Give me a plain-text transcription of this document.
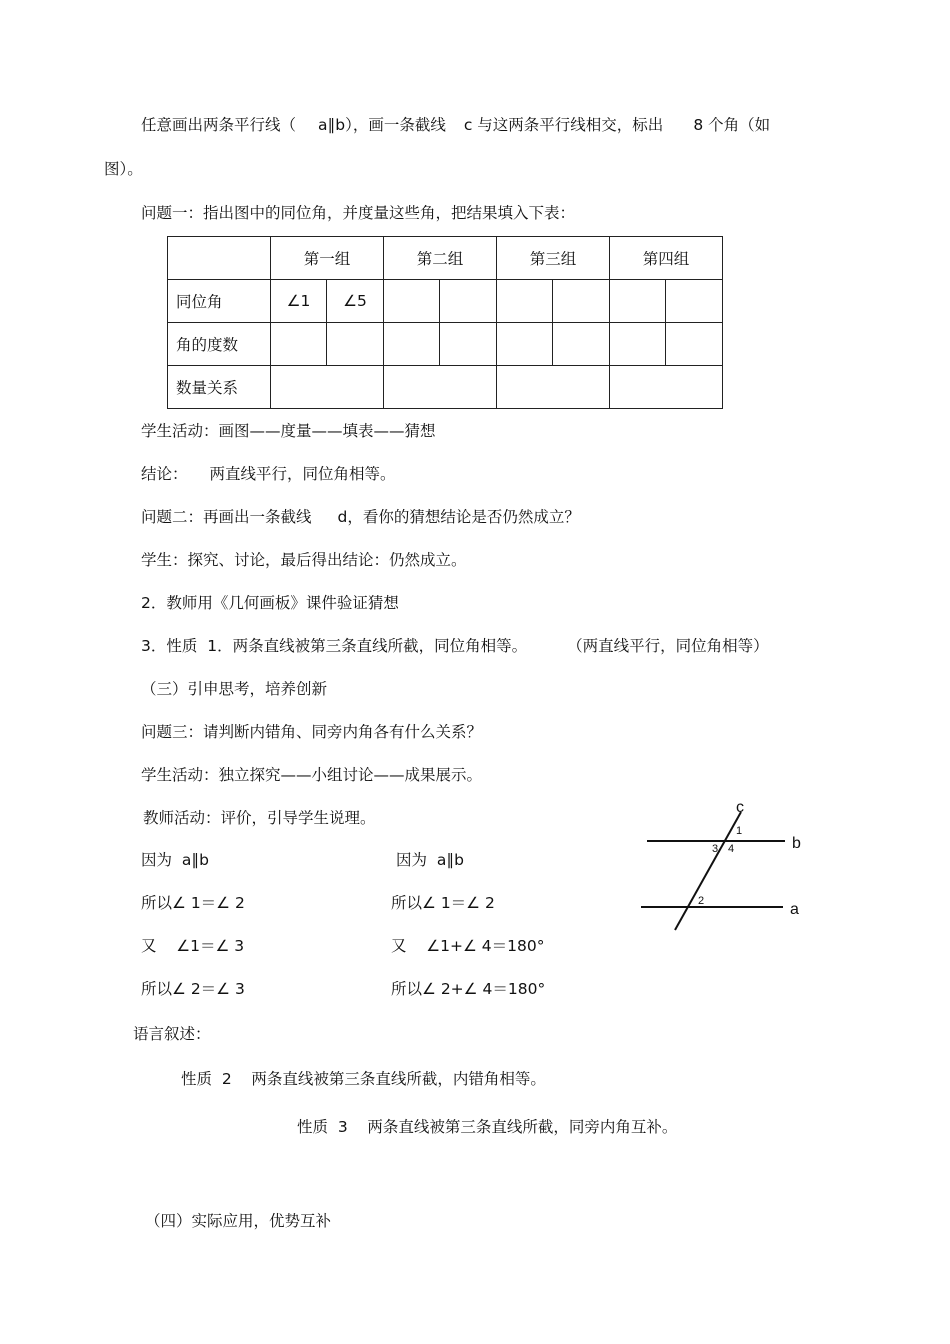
任意画出两条平行线（ a∥b），画一条截线 c 与这两条平行线相交，标出 8 个角（如
图）。
问题一：指出图中的同位角，并度量这些角，把结果填入下表：
	第一组		第二组		第三组		第四组	
同位角	∠1	∠5						
角的度数								
数量关系								
学生活动：画图——度量——填表——猜想
结论： 两直线平行，同位角相等。
问题二：再画出一条截线 d，看你的猜想结论是否仍然成立？
学生：探究、讨论，最后得出结论：仍然成立。
2．教师用《几何画板》课件验证猜想
3．性质  1．两条直线被第三条直线所截，同位角相等。	（两直线平行，同位角相等）
（三）引申思考，培养创新
问题三：请判断内错角、同旁内角各有什么关系？
学生活动：独立探究——小组讨论——成果展示。
教师活动：评价，引导学生说理。
因为  a∥b
所以∠ 1＝∠ 2
又    ∠1＝∠ 3
所以∠ 2＝∠ 3
因为  a∥b
所以∠ 1＝∠ 2
又    ∠1+∠ 4＝180°
所以∠ 2+∠ 4＝180°
c
b
a
1
3 4
2
语言叙述：
性质  2    两条直线被第三条直线所截，内错角相等。
性质  3    两条直线被第三条直线所截，同旁内角互补。
（四）实际应用，优势互补
